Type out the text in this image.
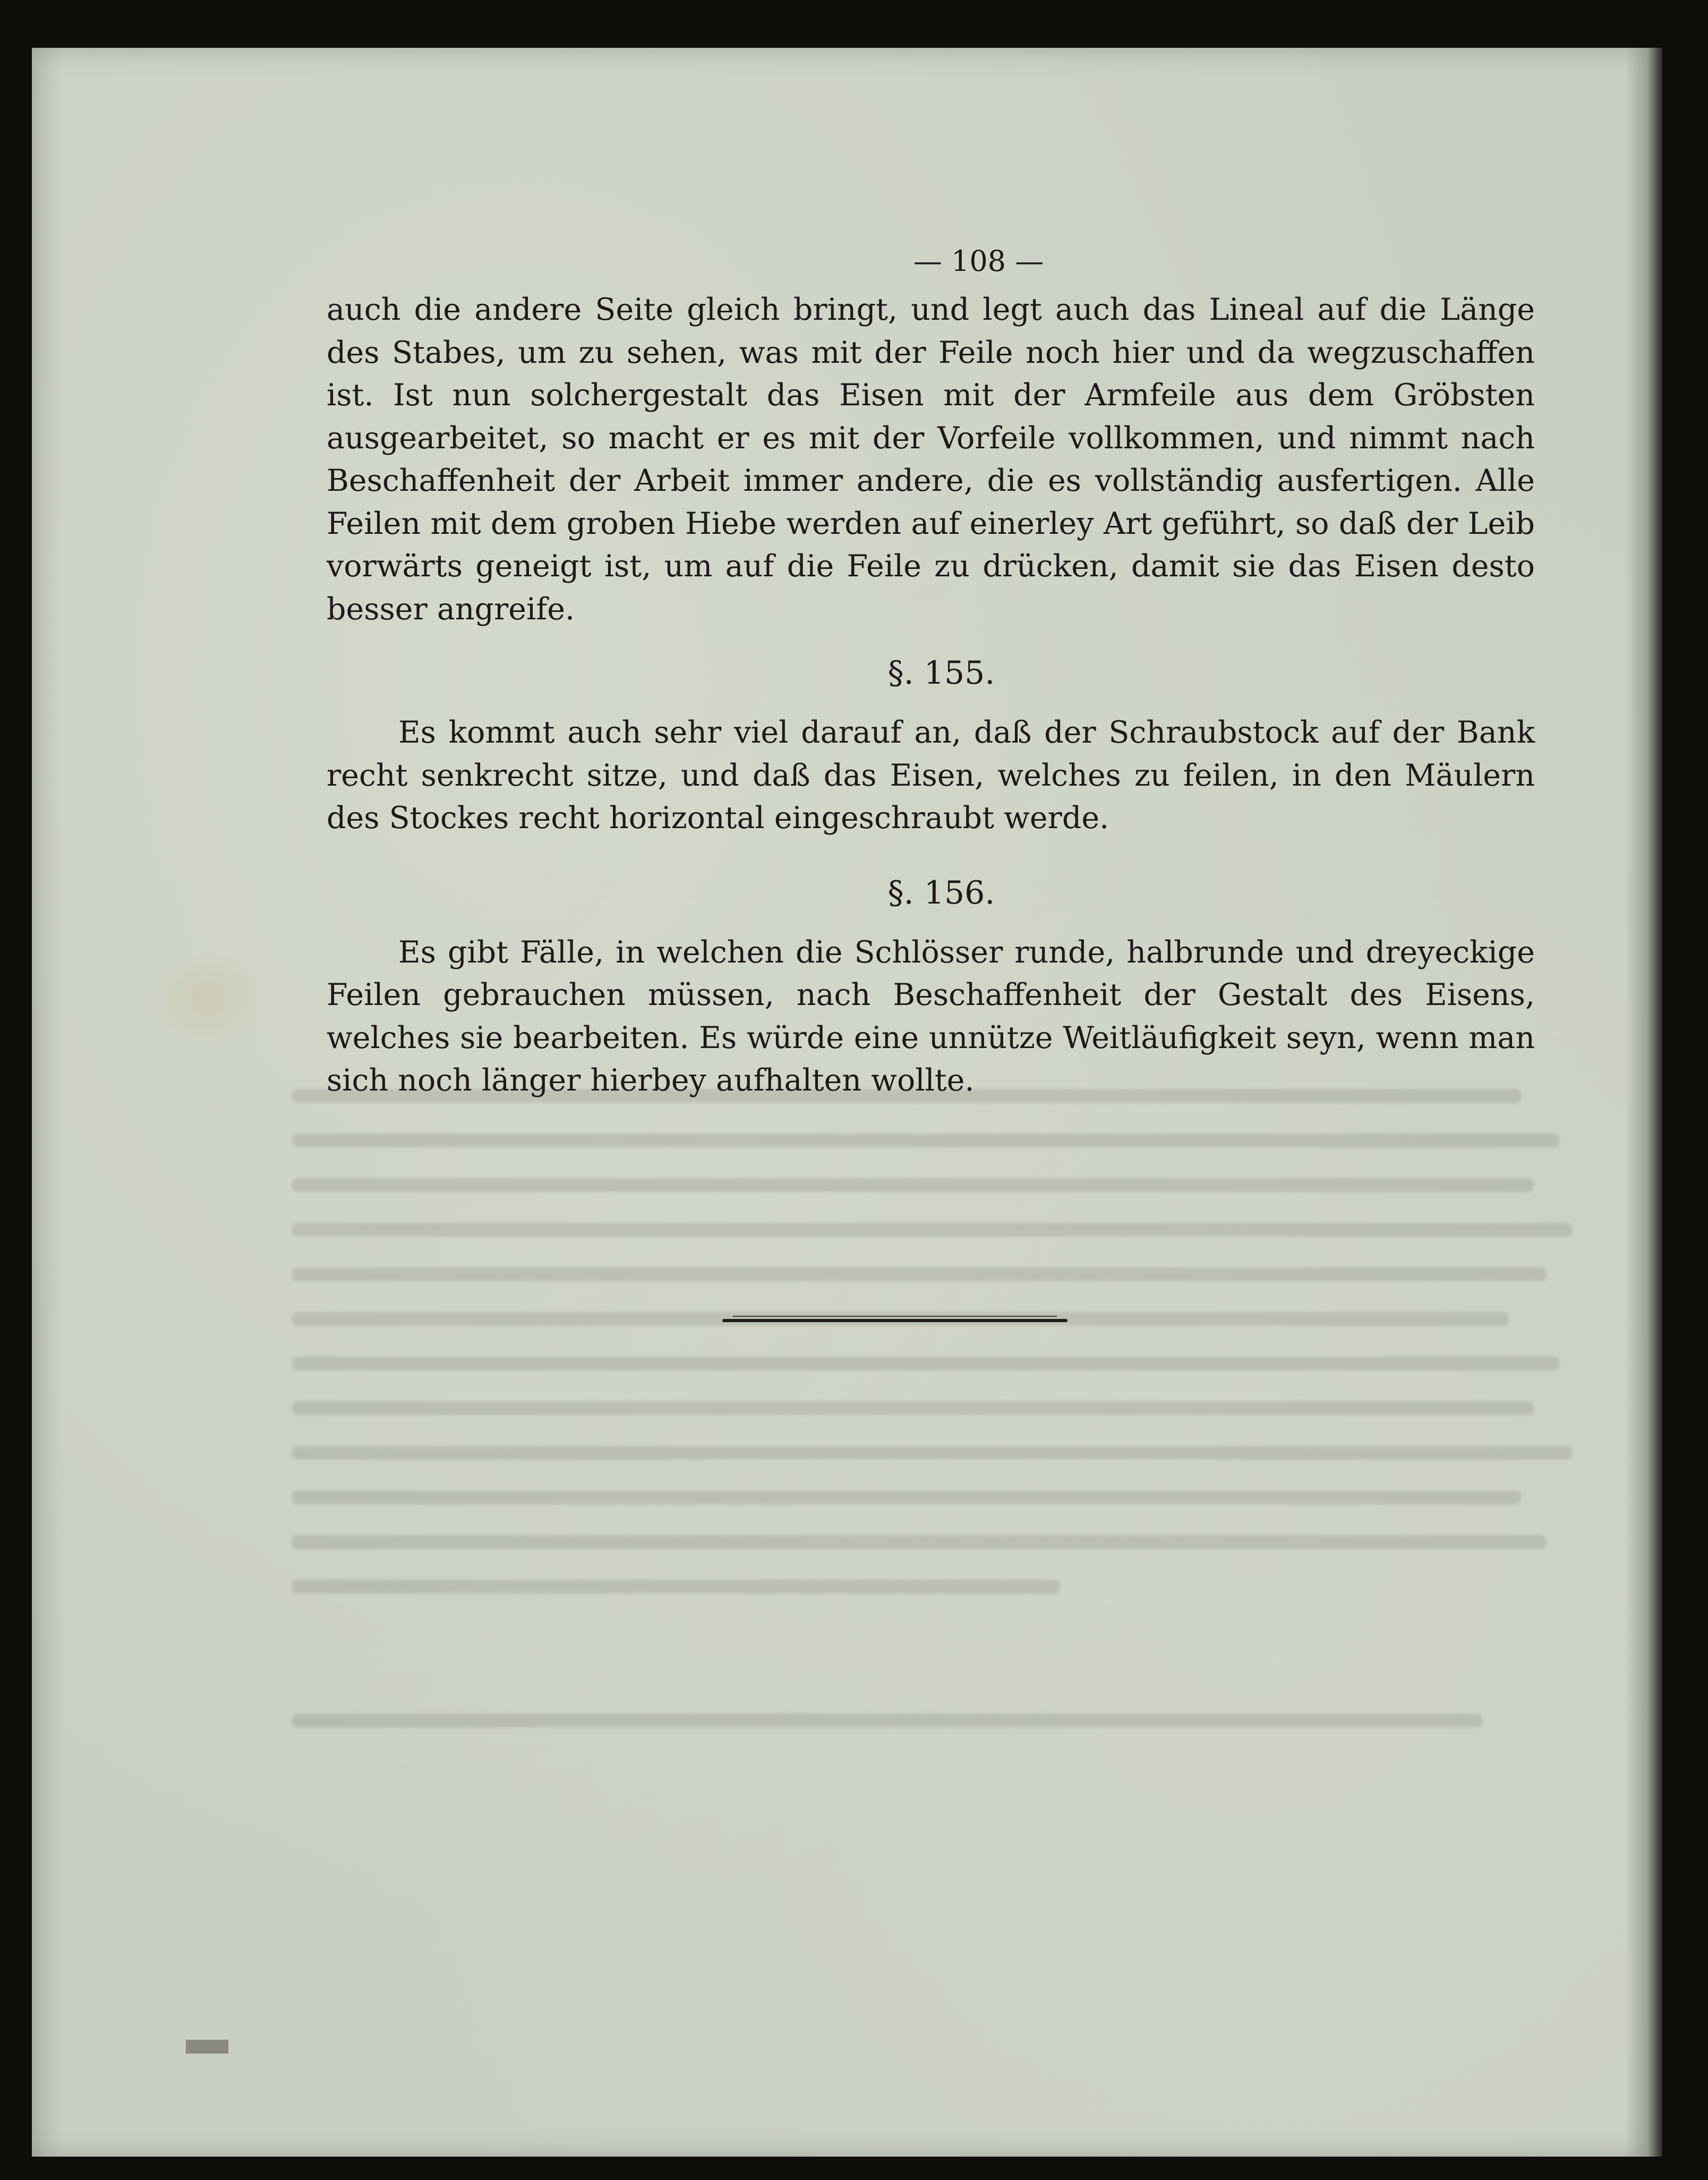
— 108 —

auch die andere Seite gleich bringt, und legt auch das Lineal auf die Länge des Stabes, um zu sehen, was mit der Feile noch hier und da wegzuschaffen ist. Ist nun solchergestalt das Eisen mit der Armfeile aus dem Gröbsten ausgearbeitet, so macht er es mit der Vorfeile vollkommen, und nimmt nach Beschaffenheit der Arbeit immer andere, die es vollständig ausfertigen. Alle Feilen mit dem groben Hiebe werden auf einerley Art geführt, so daß der Leib vorwärts geneigt ist, um auf die Feile zu drücken, damit sie das Eisen desto besser angreife.

§. 155.

Es kommt auch sehr viel darauf an, daß der Schraubstock auf der Bank recht senkrecht sitze, und daß das Eisen, welches zu feilen, in den Mäulern des Stockes recht horizontal eingeschraubt werde.

§. 156.

Es gibt Fälle, in welchen die Schlösser runde, halbrunde und dreyeckige Feilen gebrauchen müssen, nach Beschaffenheit der Gestalt des Eisens, welches sie bearbeiten. Es würde eine unnütze Weitläufigkeit seyn, wenn man sich noch länger hierbey aufhalten wollte.
